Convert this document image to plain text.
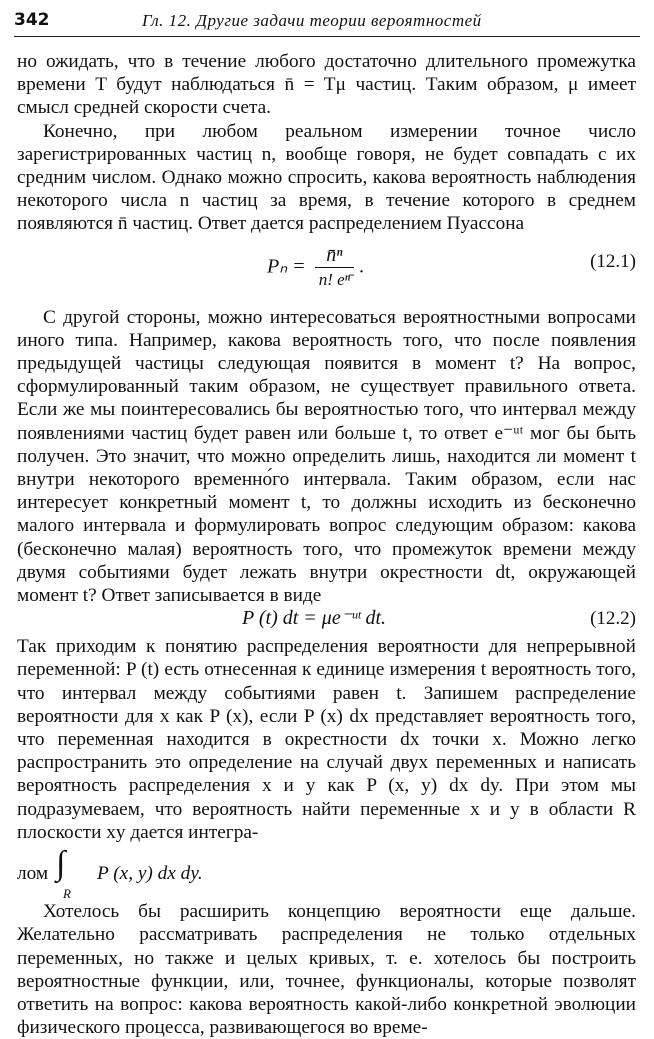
342	Гл. 12. Другие задачи теории вероятностей

но ожидать, что в течение любого достаточно длительного промежутка времени T будут наблюдаться n̄ = Tμ частиц. Таким образом, μ имеет смысл средней скорости счета.

Конечно, при любом реальном измерении точное число зарегистрированных частиц n, вообще говоря, не будет совпадать с их средним числом. Однако можно спросить, какова вероятность наблюдения некоторого числа n частиц за время, в течение которого в среднем появляются n̄ частиц. Ответ дается распределением Пуассона

$P_n = \frac{\text{n̄ⁿ}}{\text{n! eⁿ̄}}$ .	(12.1)

С другой стороны, можно интересоваться вероятностными вопросами иного типа. Например, какова вероятность того, что после появления предыдущей частицы следующая появится в момент t? На вопрос, сформулированный таким образом, не существует правильного ответа. Если же мы поинтересовались бы вероятностью того, что интервал между появлениями частиц будет равен или больше t, то ответ e⁻ᵘᵗ мог бы быть получен. Это значит, что можно определить лишь, находится ли момент t внутри некоторого временно́го интервала. Таким образом, если нас интересует конкретный момент t, то должны исходить из бесконечно малого интервала и формулировать вопрос следующим образом: какова (бесконечно малая) вероятность того, что промежуток времени между двумя событиями будет лежать внутри окрестности dt, окружающей момент t? Ответ записывается в виде

P (t) dt = μe⁻ᵘᵗ dt.	(12.2)

Так приходим к понятию распределения вероятности для непрерывной переменной: P (t) есть отнесенная к единице измерения t вероятность того, что интервал между событиями равен t. Запишем распределение вероятности для x как P (x), если P (x) dx представляет вероятность того, что переменная находится в окрестности dx точки x. Можно легко распространить это определение на случай двух переменных и написать вероятность распределения x и y как P (x, y) dx dy. При этом мы подразумеваем, что вероятность найти переменные x и y в области R плоскости xy дается интегра-

лом ∫
R
P (x, y) dx dy.

Хотелось бы расширить концепцию вероятности еще дальше. Желательно рассматривать распределения не только отдельных переменных, но также и целых кривых, т. е. хотелось бы построить вероятностные функции, или, точнее, функционалы, которые позволят ответить на вопрос: какова вероятность какой-либо конкретной эволюции физического процесса, развивающегося во време-
